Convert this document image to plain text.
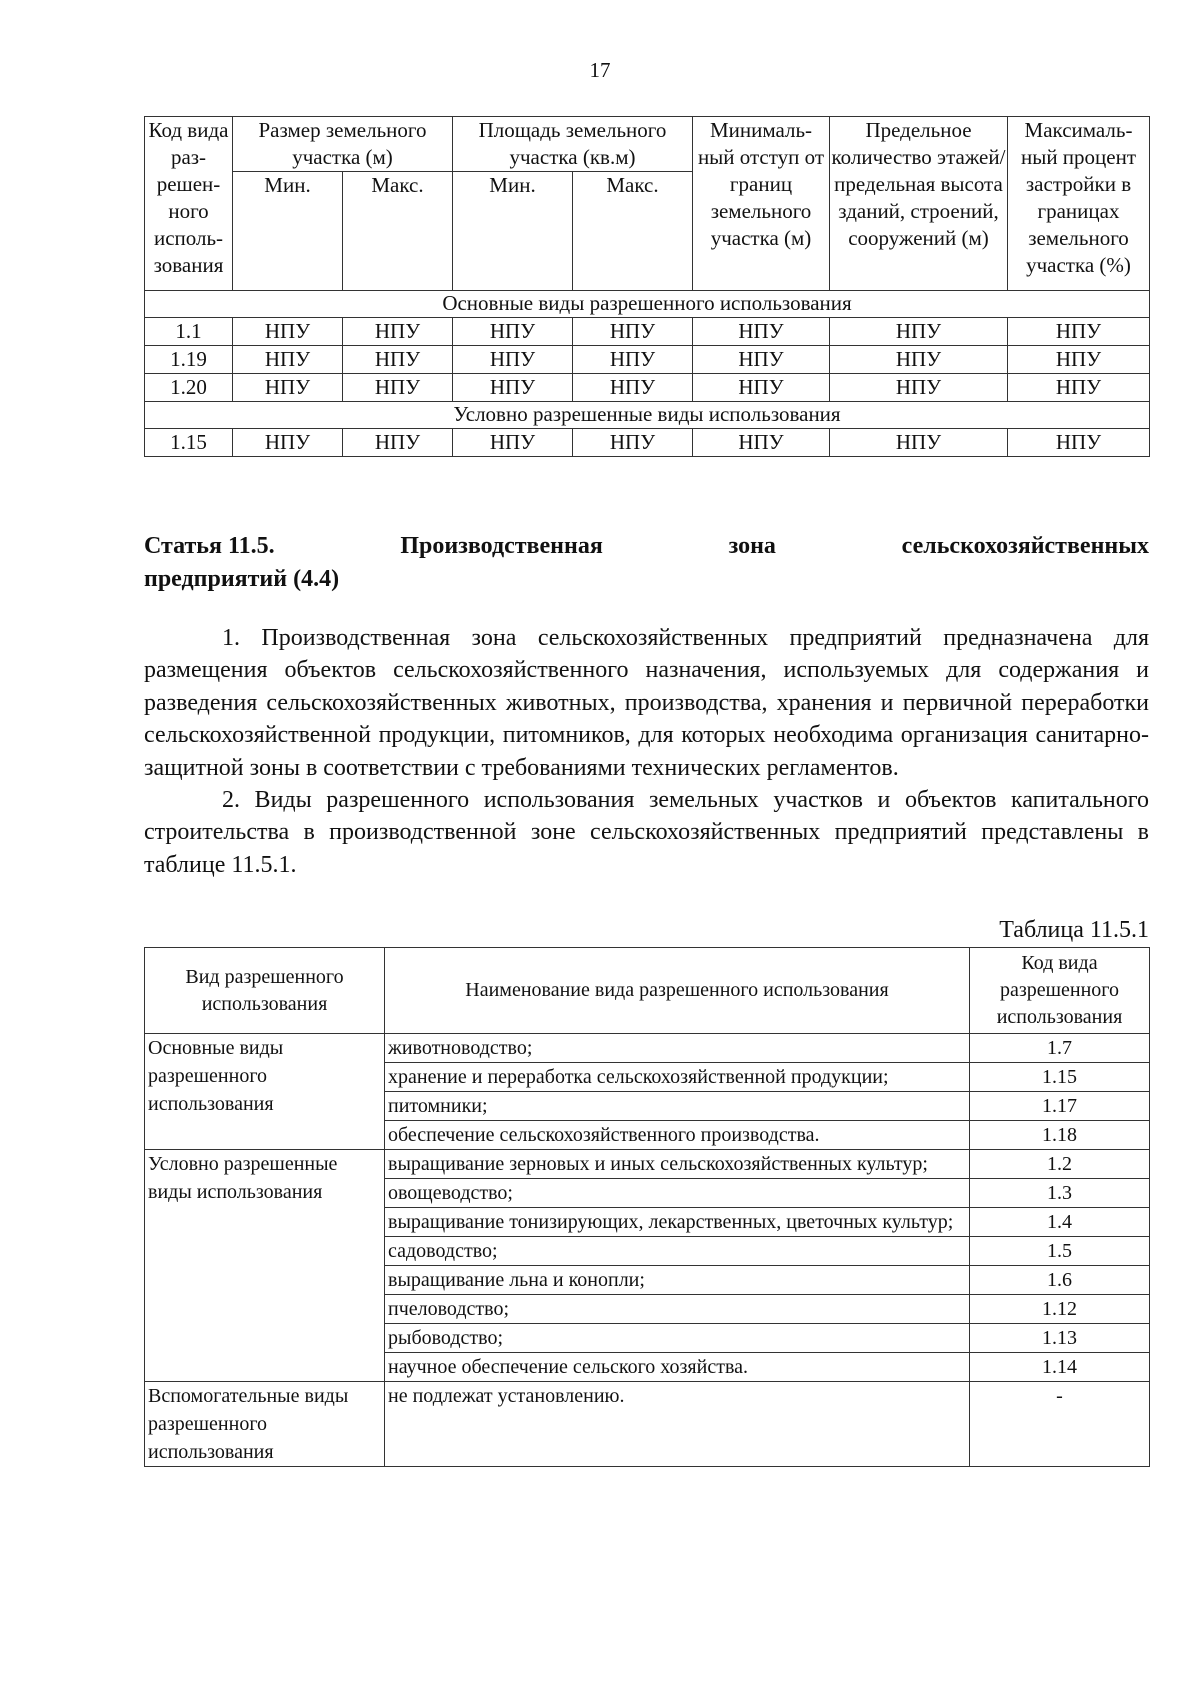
17
Код вида раз-решен-ного исполь-зования	Размер земельного участка (м)		Площадь земельного участка (кв.м)		Минималь-ный отступ от границ земельного участка (м)	Предельное количество этажей/ предельная высота зданий, строений, сооружений (м)	Максималь-ный процент застройки в границах земельного участка (%)
	Мин.	Макс.	Мин.	Макс.			
Основные виды разрешенного использования							
1.1	НПУ	НПУ	НПУ	НПУ	НПУ	НПУ	НПУ
1.19	НПУ	НПУ	НПУ	НПУ	НПУ	НПУ	НПУ
1.20	НПУ	НПУ	НПУ	НПУ	НПУ	НПУ	НПУ
Условно разрешенные виды использования							
1.15	НПУ	НПУ	НПУ	НПУ	НПУ	НПУ	НПУ
Статья 11.5.	Производственная	зона	сельскохозяйственных
предприятий (4.4)

1. Производственная зона сельскохозяйственных предприятий предназначена для размещения объектов сельскохозяйственного назначения, используемых для содержания и разведения сельскохозяйственных животных, производства, хранения и первичной переработки сельскохозяйственной продукции, питомников, для которых необходима организация санитарно-защитной зоны в соответствии с требованиями технических регламентов.

2. Виды разрешенного использования земельных участков и объектов капитального строительства в производственной зоне сельскохозяйственных предприятий представлены в таблице 11.5.1.

Таблица 11.5.1
Вид разрешенного использования	Наименование вида разрешенного использования	Код вида разрешенного использования
Основные виды разрешенного использования	животноводство;	1.7
	хранение и переработка сельскохозяйственной продукции;	1.15
	питомники;	1.17
	обеспечение сельскохозяйственного производства.	1.18
Условно разрешенные виды использования	выращивание зерновых и иных сельскохозяйственных культур;	1.2
	овощеводство;	1.3
	выращивание тонизирующих, лекарственных, цветочных культур;	1.4
	садоводство;	1.5
	выращивание льна и конопли;	1.6
	пчеловодство;	1.12
	рыбоводство;	1.13
	научное обеспечение сельского хозяйства.	1.14
Вспомогательные виды разрешенного использования	не подлежат установлению.	-
